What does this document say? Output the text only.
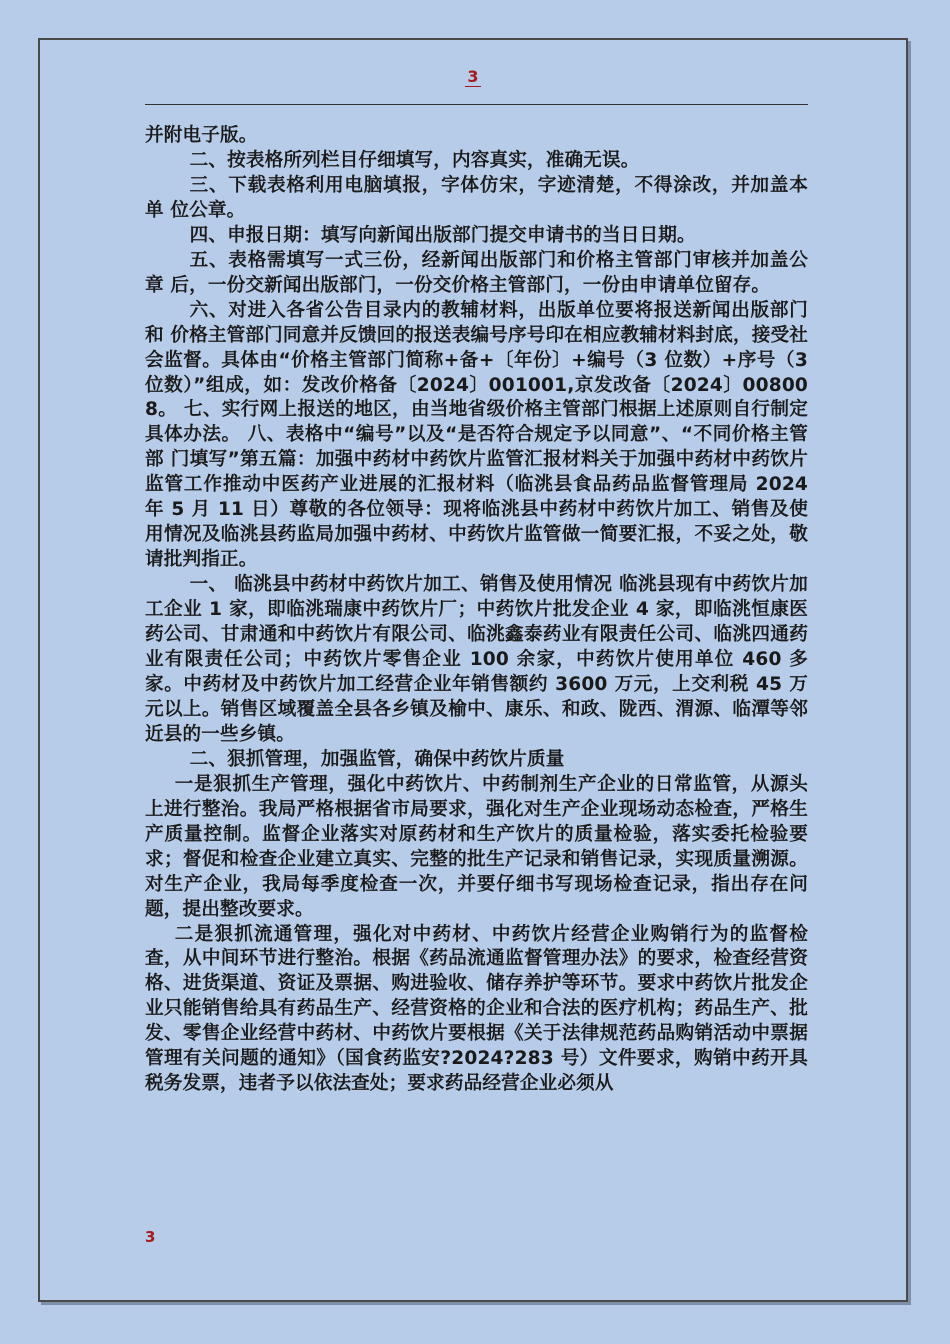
3

并附电子版。

二、按表格所列栏目仔细填写，内容真实，准确无误。

三、下载表格利用电脑填报，字体仿宋，字迹清楚，不得涂改，并加盖本单 位公章。

四、申报日期：填写向新闻出版部门提交申请书的当日日期。

五、表格需填写一式三份，经新闻出版部门和价格主管部门审核并加盖公章 后，一份交新闻出版部门，一份交价格主管部门，一份由申请单位留存。

六、对进入各省公告目录内的教辅材料，出版单位要将报送新闻出版部门和 价格主管部门同意并反馈回的报送表编号序号印在相应教辅材料封底，接受社会监督。具体由“价格主管部门简称+备+〔年份〕+编号（3 位数）+序号（3 位数）”组成，如：发改价格备〔2024〕001001,京发改备〔2024〕00800 8。 七、实行网上报送的地区，由当地省级价格主管部门根据上述原则自行制定 具体办法。 八、表格中“编号”以及“是否符合规定予以同意”、“不同价格主管部 门填写”第五篇：加强中药材中药饮片监管汇报材料关于加强中药材中药饮片监管工作推动中医药产业进展的汇报材料（临洮县食品药品监督管理局 2024 年 5 月 11 日）尊敬的各位领导：现将临洮县中药材中药饮片加工、销售及使用情况及临洮县药监局加强中药材、中药饮片监管做一简要汇报，不妥之处，敬请批判指正。

一、 临洮县中药材中药饮片加工、销售及使用情况 临洮县现有中药饮片加工企业 1 家，即临洮瑞康中药饮片厂；中药饮片批发企业 4 家，即临洮恒康医药公司、甘肃通和中药饮片有限公司、临洮鑫泰药业有限责任公司、临洮四通药业有限责任公司；中药饮片零售企业 100 余家，中药饮片使用单位 460 多家。中药材及中药饮片加工经营企业年销售额约 3600 万元，上交利税 45 万元以上。销售区域覆盖全县各乡镇及榆中、康乐、和政、陇西、渭源、临潭等邻近县的一些乡镇。

二、狠抓管理，加强监管，确保中药饮片质量

一是狠抓生产管理，强化中药饮片、中药制剂生产企业的日常监管，从源头上进行整治。我局严格根据省市局要求，强化对生产企业现场动态检查，严格生产质量控制。监督企业落实对原药材和生产饮片的质量检验，落实委托检验要求；督促和检查企业建立真实、完整的批生产记录和销售记录，实现质量溯源。对生产企业，我局每季度检查一次，并要仔细书写现场检查记录，指出存在问题，提出整改要求。

二是狠抓流通管理，强化对中药材、中药饮片经营企业购销行为的监督检查，从中间环节进行整治。根据《药品流通监督管理办法》的要求，检查经营资格、进货渠道、资证及票据、购进验收、储存养护等环节。要求中药饮片批发企业只能销售给具有药品生产、经营资格的企业和合法的医疗机构；药品生产、批发、零售企业经营中药材、中药饮片要根据《关于法律规范药品购销活动中票据管理有关问题的通知》（国食药监安?2024?283 号）文件要求，购销中药开具税务发票，违者予以依法查处；要求药品经营企业必须从

3
